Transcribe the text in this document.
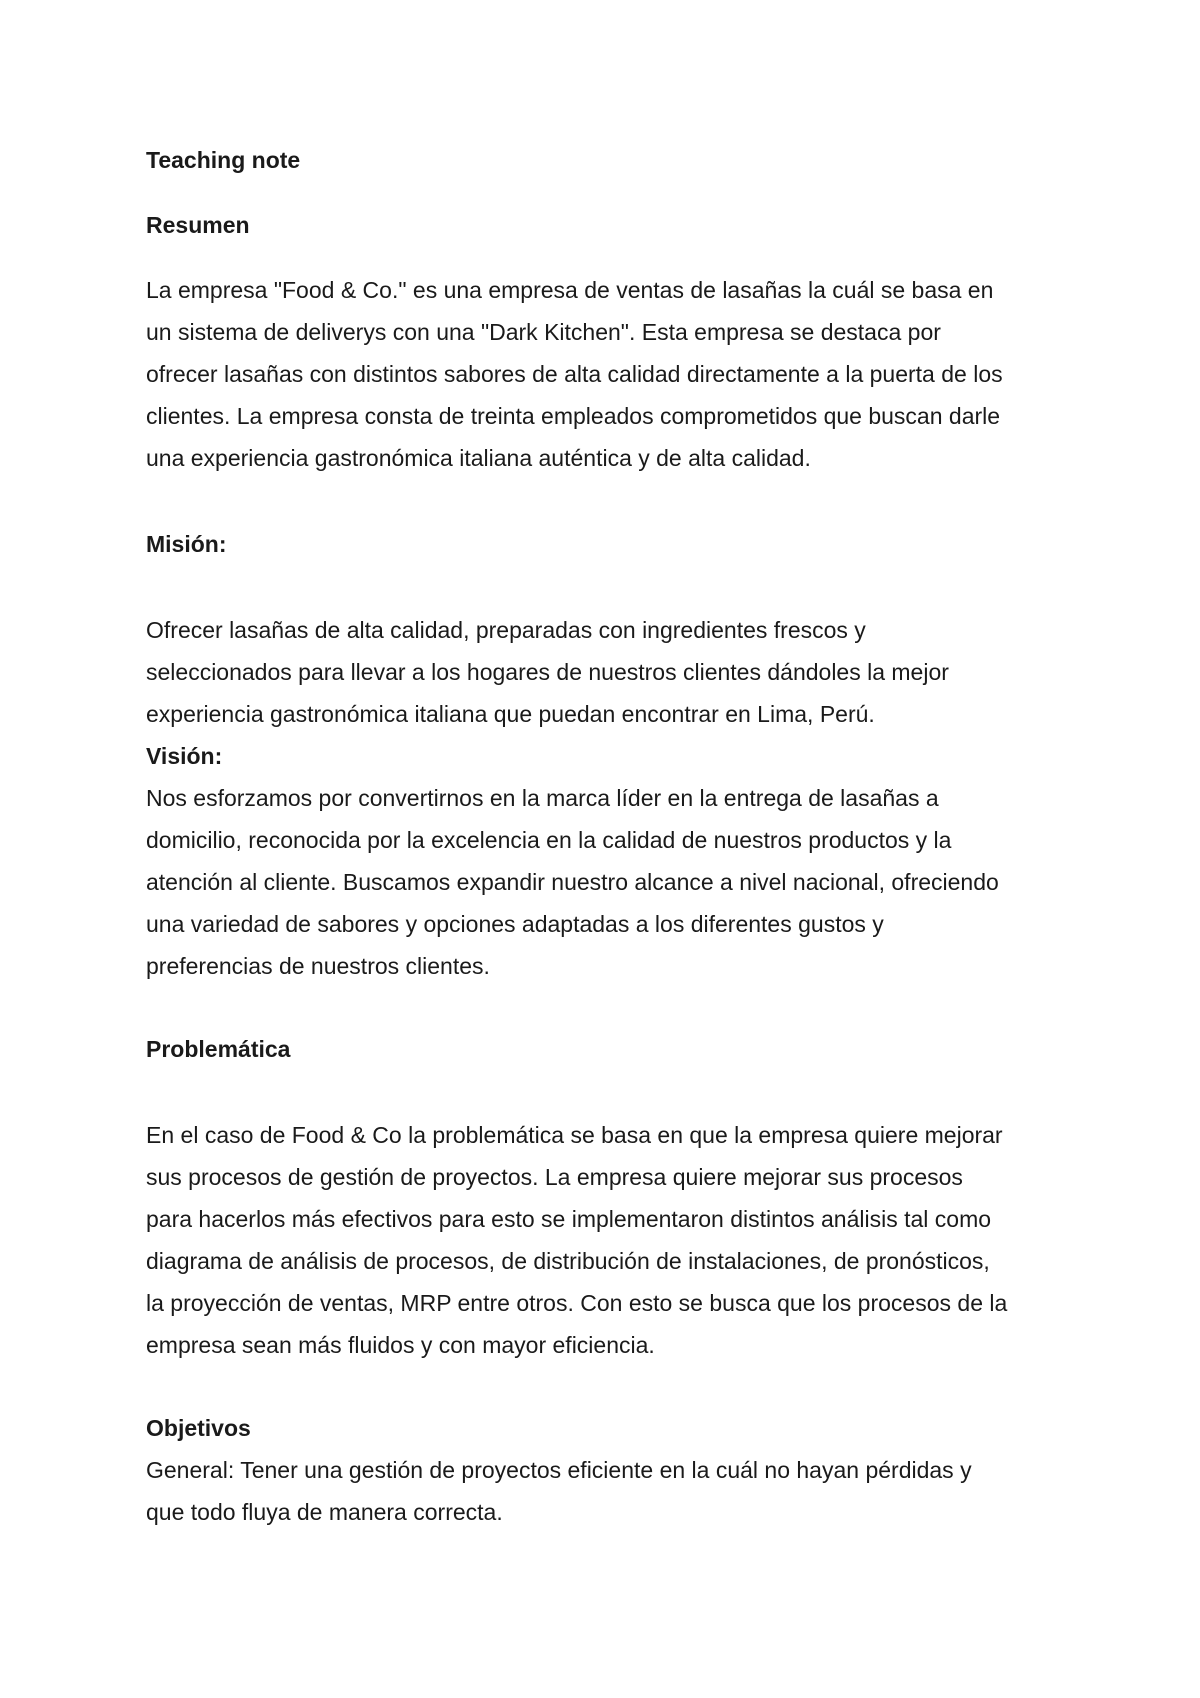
Teaching note

Resumen

La empresa "Food & Co." es una empresa de ventas de lasañas la cuál se basa en
un sistema de deliverys con una "Dark Kitchen". Esta empresa se destaca por
ofrecer lasañas con distintos sabores de alta calidad directamente a la puerta de los
clientes. La empresa consta de treinta empleados comprometidos que buscan darle
una experiencia gastronómica italiana auténtica y de alta calidad.

Misión:

Ofrecer lasañas de alta calidad, preparadas con ingredientes frescos y
seleccionados para llevar a los hogares de nuestros clientes dándoles la mejor
experiencia gastronómica italiana que puedan encontrar en Lima, Perú.

Visión:

Nos esforzamos por convertirnos en la marca líder en la entrega de lasañas a
domicilio, reconocida por la excelencia en la calidad de nuestros productos y la
atención al cliente. Buscamos expandir nuestro alcance a nivel nacional, ofreciendo
una variedad de sabores y opciones adaptadas a los diferentes gustos y
preferencias de nuestros clientes.

Problemática

En el caso de Food & Co la problemática se basa en que la empresa quiere mejorar
sus procesos de gestión de proyectos. La empresa quiere mejorar sus procesos
para hacerlos más efectivos para esto se implementaron distintos análisis tal como
diagrama de análisis de procesos, de distribución de instalaciones, de pronósticos,
la proyección de ventas, MRP entre otros. Con esto se busca que los procesos de la
empresa sean más fluidos y con mayor eficiencia.

Objetivos

General: Tener una gestión de proyectos eficiente en la cuál no hayan pérdidas y
que todo fluya de manera correcta.
